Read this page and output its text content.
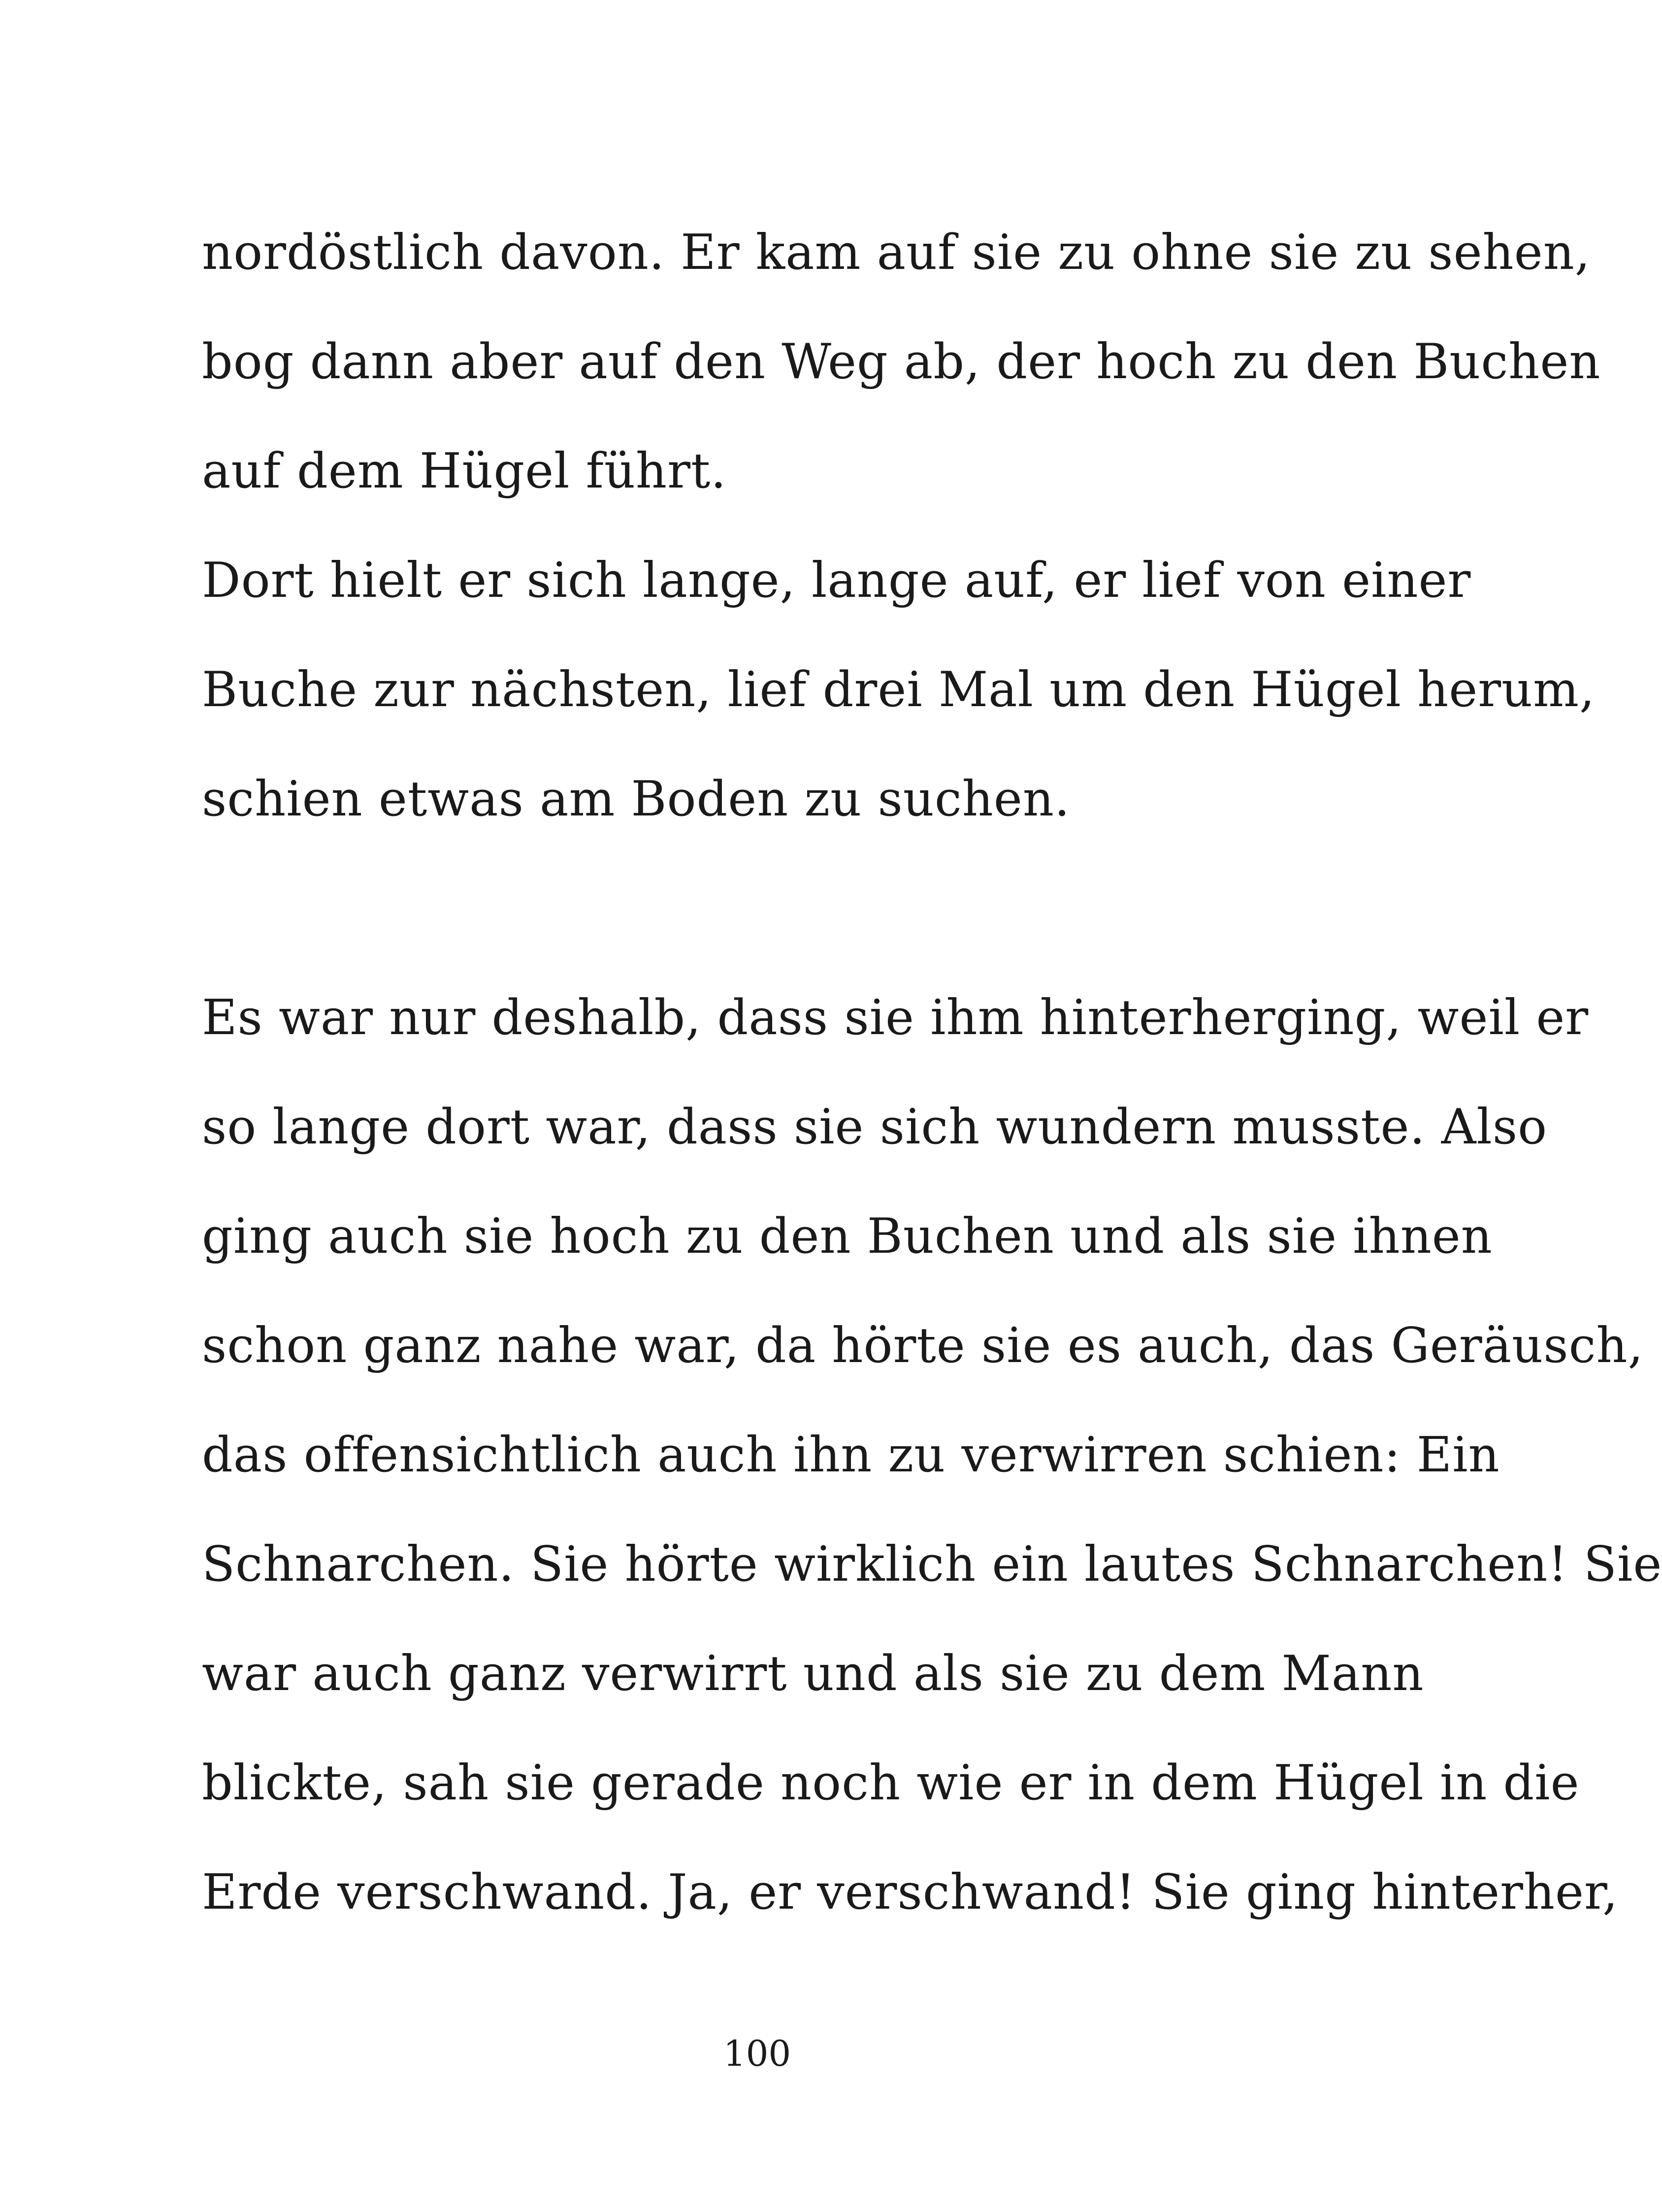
nordöstlich davon. Er kam auf sie zu ohne sie zu sehen,
bog dann aber auf den Weg ab, der hoch zu den Buchen
auf dem Hügel führt.
Dort hielt er sich lange, lange auf, er lief von einer
Buche zur nächsten, lief drei Mal um den Hügel herum,
schien etwas am Boden zu suchen.
Es war nur deshalb, dass sie ihm hinterherging, weil er
so lange dort war, dass sie sich wundern musste. Also
ging auch sie hoch zu den Buchen und als sie ihnen
schon ganz nahe war, da hörte sie es auch, das Geräusch,
das offensichtlich auch ihn zu verwirren schien: Ein
Schnarchen. Sie hörte wirklich ein lautes Schnarchen! Sie
war auch ganz verwirrt und als sie zu dem Mann
blickte, sah sie gerade noch wie er in dem Hügel in die
Erde verschwand. Ja, er verschwand! Sie ging hinterher,
100
